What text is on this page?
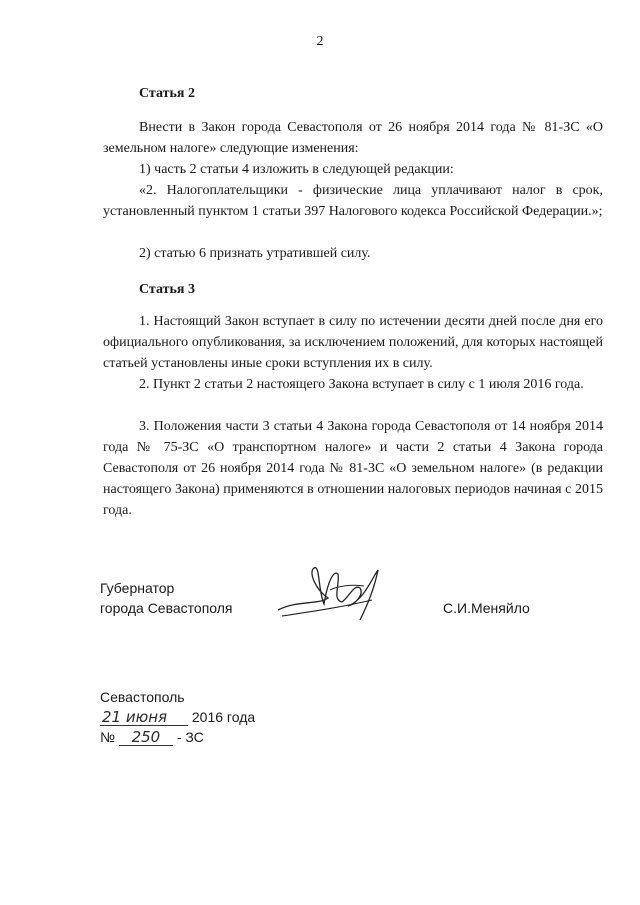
2
Статья 2
Внести в Закон города Севастополя от 26 ноября 2014 года № 81-ЗС «О земельном налоге» следующие изменения:
1) часть 2 статьи 4 изложить в следующей редакции:
«2. Налогоплательщики - физические лица уплачивают налог в срок, установленный пунктом 1 статьи 397 Налогового кодекса Российской Федерации.»;
2) статью 6 признать утратившей силу.
Статья 3
1. Настоящий Закон вступает в силу по истечении десяти дней после дня его официального опубликования, за исключением положений, для которых настоящей статьей установлены иные сроки вступления их в силу.
2. Пункт 2 статьи 2 настоящего Закона вступает в силу с 1 июля 2016 года.
3. Положения части 3 статьи 4 Закона города Севастополя от 14 ноября 2014 года № 75-ЗС «О транспортном налоге» и части 2 статьи 4 Закона города Севастополя от 26 ноября 2014 года № 81-ЗС «О земельном налоге» (в редакции настоящего Закона) применяются в отношении налоговых периодов начиная с 2015 года.
Губернатор
города Севастополя	С.И.Меняйло
Севастополь
21 июня 2016 года
№ 250 - ЗС
